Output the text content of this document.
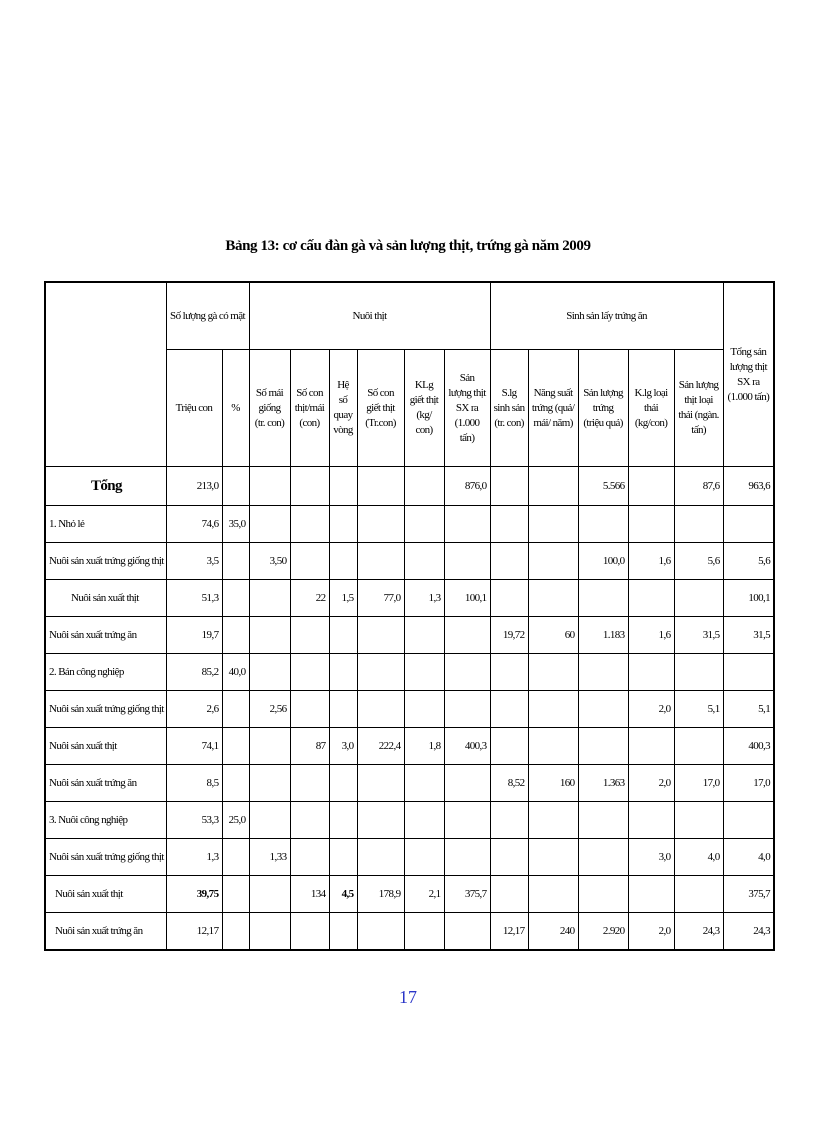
Bảng 13: cơ cấu đàn gà và sản lượng thịt, trứng gà năm 2009
	Số lượng gà có mặt		Nuôi thịt						Sinh sản lấy trứng ăn					Tổng sản lượng thịt SX ra (1.000 tấn)
	Triệu con	%	Số mái giống (tr. con)	Số con thịt/mái (con)	Hệ số quay vòng	Số con giết thịt (Tr.con)	KLg giết thịt (kg/ con)	Sản lượng thịt SX ra (1.000 tấn)	S.lg sinh sản (tr. con)	Năng suất trứng (quả/ mái/ năm)	Sản lượng trứng (triệu quả)	K.lg loại thải (kg/con)	Sản lượng thịt loại thải (ngàn. tấn)	
Tổng	213,0							876,0			5.566		87,6	963,6
1. Nhỏ lẻ	74,6	35,0												
Nuôi sản xuất trứng giống thịt	3,5		3,50								100,0	1,6	5,6	5,6
Nuôi sản xuất thịt	51,3			22	1,5	77,0	1,3	100,1						100,1
Nuôi sản xuất trứng ăn	19,7								19,72	60	1.183	1,6	31,5	31,5
2. Bán công nghiệp	85,2	40,0												
Nuôi sản xuất trứng giống thịt	2,6		2,56									2,0	5,1	5,1
Nuôi sản xuất thịt	74,1			87	3,0	222,4	1,8	400,3						400,3
Nuôi sản xuất trứng ăn	8,5								8,52	160	1.363	2,0	17,0	17,0
3. Nuôi công nghiệp	53,3	25,0												
Nuôi sản xuất trứng giống thịt	1,3		1,33									3,0	4,0	4,0
Nuôi sản xuất thịt	39,75			134	4,5	178,9	2,1	375,7						375,7
Nuôi sản xuất trứng ăn	12,17								12,17	240	2.920	2,0	24,3	24,3
17
